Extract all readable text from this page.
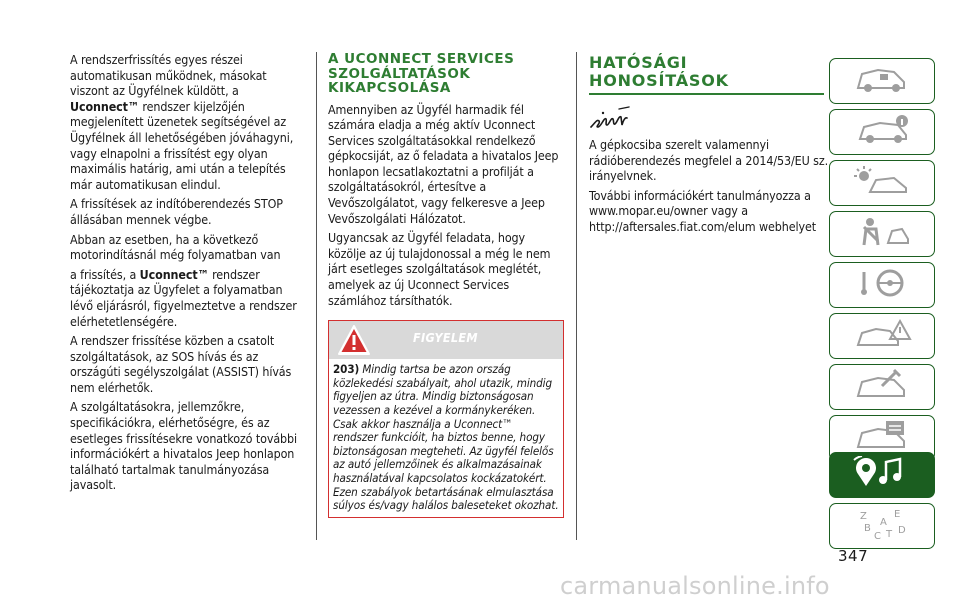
A rendszerfrissítés egyes részei automatikusan működnek, másokat viszont az Ügyfélnek küldött, a Uconnect™ rendszer kijelzőjén megjelenített üzenetek segítségével az Ügyfélnek áll lehetőségében jóváhagyni, vagy elnapolni a frissítést egy olyan maximális határig, ami után a telepítés már automatikusan elindul.

A frissítések az indítóberendezés STOP állásában mennek végbe.

Abban az esetben, ha a következő motorindításnál még folyamatban van

a frissítés, a Uconnect™ rendszer tájékoztatja az Ügyfelet a folyamatban lévő eljárásról, figyelmeztetve a rendszer elérhetetlenségére.

A rendszer frissítése közben a csatolt szolgáltatások, az SOS hívás és az országúti segélyszolgálat (ASSIST) hívás nem elérhetők.

A szolgáltatásokra, jellemzőkre, specifikációkra, elérhetőségre, és az esetleges frissítésekre vonatkozó további információkért a hivatalos Jeep honlapon található tartalmak tanulmányozása javasolt.

A UCONNECT SERVICES SZOLGÁLTATÁSOK KIKAPCSOLÁSA

Amennyiben az Ügyfél harmadik fél számára eladja a még aktív Uconnect Services szolgáltatásokkal rendelkező gépkocsiját, az ő feladata a hivatalos Jeep honlapon lecsatlakoztatni a profilját a szolgáltatásokról, értesítve a Vevőszolgálatot, vagy felkeresve a Jeep Vevőszolgálati Hálózatot.

Ugyancsak az Ügyfél feladata, hogy közölje az új tulajdonossal a még le nem járt esetleges szolgáltatások meglétét, amelyek az új Uconnect Services számlához társíthatók.

FIGYELEM
203) Mindig tartsa be azon ország közlekedési szabályait, ahol utazik, mindig figyeljen az útra. Mindig biztonságosan vezessen a kezével a kormánykeréken. Csak akkor használja a Uconnect™ rendszer funkcióit, ha biztos benne, hogy biztonságosan megteheti. Az ügyfél felelős az autó jellemzőinek és alkalmazásainak használatával kapcsolatos kockázatokért. Ezen szabályok betartásának elmulasztása súlyos és/vagy halálos baleseteket okozhat.
HATÓSÁGI HONOSÍTÁSOK

A gépkocsiba szerelt valamennyi rádióberendezés megfelel a 2014/53/EU sz. irányelvnek.

További információkért tanulmányozza a www.mopar.eu/owner vagy a http://aftersales.fiat.com/elum webhelyet

Z	E
A
B
C T D
347
carmanualsonline.info
